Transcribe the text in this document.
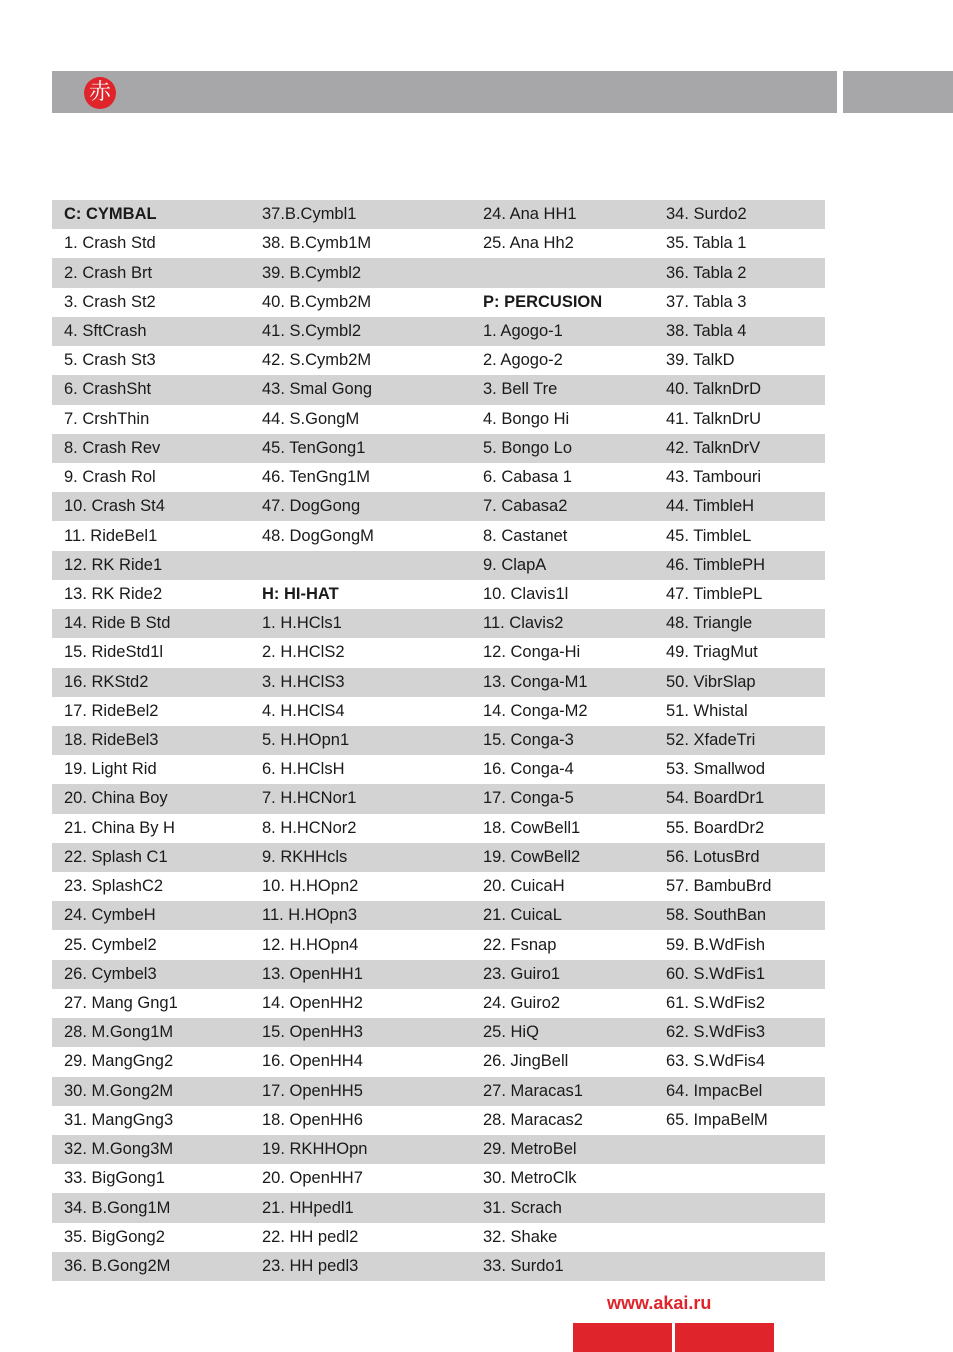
赤
C: CYMBAL	37.B.Cymbl1	24. Ana HH1	34. Surdo2
1. Crash Std	38. B.Cymb1M	25. Ana Hh2	35. Tabla 1
2. Crash Brt	39. B.Cymbl2		36. Tabla 2
3. Crash St2	40. B.Cymb2M	P: PERCUSION	37. Tabla 3
4. SftCrash	41. S.Cymbl2	1. Agogo-1	38. Tabla 4
5. Crash St3	42. S.Cymb2M	2. Agogo-2	39. TalkD
6. CrashSht	43. Smal Gong	3. Bell Tre	40. TalknDrD
7. CrshThin	44. S.GongM	4. Bongo Hi	41. TalknDrU
8. Crash Rev	45. TenGong1	5. Bongo Lo	42. TalknDrV
9. Crash Rol	46. TenGng1M	6. Cabasa 1	43. Tambouri
10. Crash St4	47. DogGong	7. Cabasa2	44. TimbleH
11. RideBel1	48. DogGongM	8. Castanet	45. TimbleL
12. RK Ride1		9. ClapA	46. TimblePH
13. RK Ride2	H: HI-HAT	10. Clavis1l	47. TimblePL
14. Ride B Std	1. H.HCls1	11. Clavis2	48. Triangle
15. RideStd1l	2. H.HClS2	12. Conga-Hi	49. TriagMut
16. RKStd2	3. H.HClS3	13. Conga-M1	50. VibrSlap
17. RideBel2	4. H.HClS4	14. Conga-M2	51. Whistal
18. RideBel3	5. H.HOpn1	15. Conga-3	52. XfadeTri
19. Light Rid	6. H.HClsH	16. Conga-4	53. Smallwod
20. China Boy	7. H.HCNor1	17. Conga-5	54. BoardDr1
21. China By H	8. H.HCNor2	18. CowBell1	55. BoardDr2
22. Splash C1	9. RKHHcls	19. CowBell2	56. LotusBrd
23. SplashC2	10. H.HOpn2	20. CuicaH	57. BambuBrd
24. CymbeH	11. H.HOpn3	21. CuicaL	58. SouthBan
25. Cymbel2	12. H.HOpn4	22. Fsnap	59. B.WdFish
26. Cymbel3	13. OpenHH1	23. Guiro1	60. S.WdFis1
27. Mang Gng1	14. OpenHH2	24. Guiro2	61. S.WdFis2
28. M.Gong1M	15. OpenHH3	25. HiQ	62. S.WdFis3
29. MangGng2	16. OpenHH4	26. JingBell	63. S.WdFis4
30. M.Gong2M	17. OpenHH5	27. Maracas1	64. ImpacBel
31. MangGng3	18. OpenHH6	28. Maracas2	65. ImpaBelM
32. M.Gong3M	19. RKHHOpn	29. MetroBel	
33. BigGong1	20. OpenHH7	30. MetroClk	
34. B.Gong1M	21. HHpedl1	31. Scrach	
35. BigGong2	22. HH pedl2	32. Shake	
36. B.Gong2M	23. HH pedl3	33. Surdo1	
www.akai.ru
